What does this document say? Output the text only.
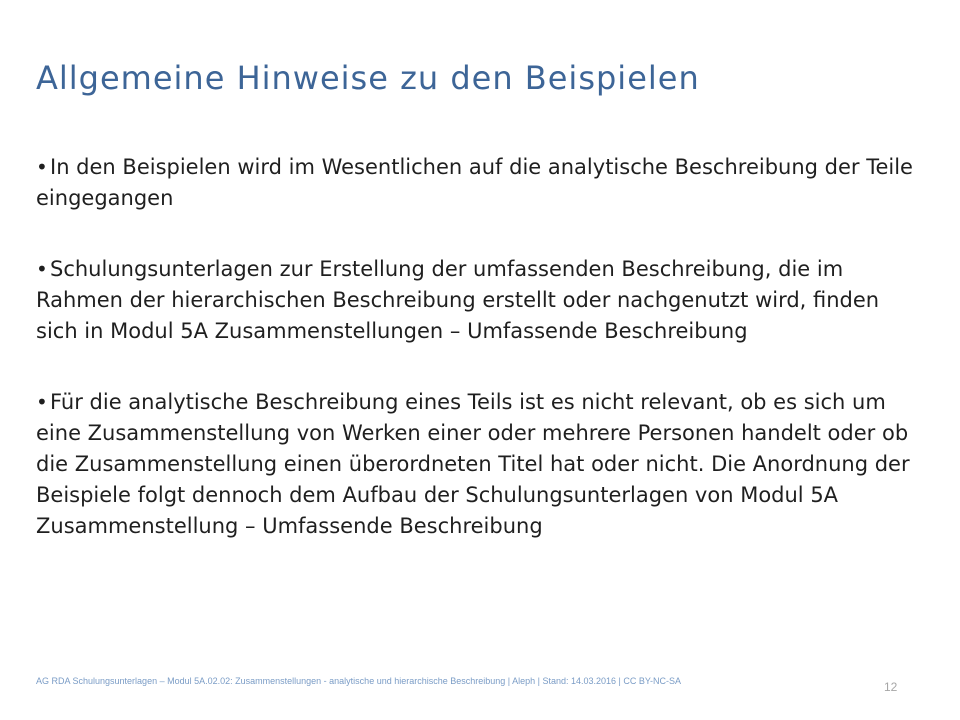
Allgemeine Hinweise zu den Beispielen
• In den Beispielen wird im Wesentlichen auf die analytische Beschreibung der Teile eingegangen
• Schulungsunterlagen zur Erstellung der umfassenden Beschreibung, die im Rahmen der hierarchischen Beschreibung erstellt oder nachgenutzt wird, finden sich in Modul 5A Zusammenstellungen – Umfassende Beschreibung
• Für die analytische Beschreibung eines Teils ist es nicht relevant, ob es sich um eine Zusammenstellung von Werken einer oder mehrere Personen handelt oder ob die Zusammenstellung einen überordneten Titel hat oder nicht. Die Anordnung der Beispiele folgt dennoch dem Aufbau der Schulungsunterlagen von Modul 5A Zusammenstellung – Umfassende Beschreibung
AG RDA Schulungsunterlagen – Modul 5A.02.02: Zusammenstellungen - analytische und hierarchische Beschreibung | Aleph | Stand: 14.03.2016 | CC BY-NC-SA	12
